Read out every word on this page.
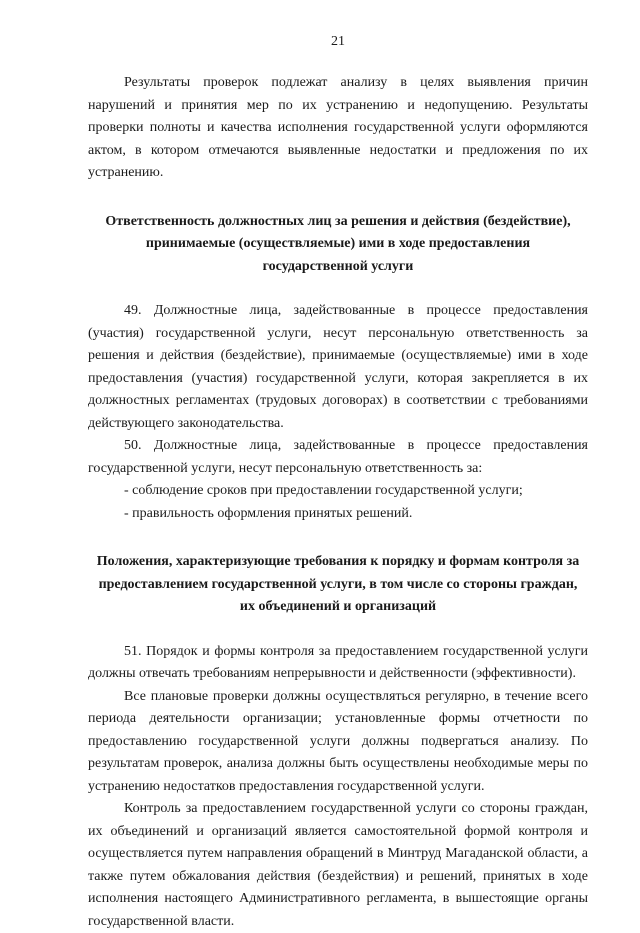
21

Результаты проверок подлежат анализу в целях выявления причин нарушений и принятия мер по их устранению и недопущению. Результаты проверки полноты и качества исполнения государственной услуги оформляются актом, в котором отмечаются выявленные недостатки и предложения по их устранению.

Ответственность должностных лиц за решения и действия (бездействие), принимаемые (осуществляемые) ими в ходе предоставления государственной услуги

49. Должностные лица, задействованные в процессе предоставления (участия) государственной услуги, несут персональную ответственность за решения и действия (бездействие), принимаемые (осуществляемые) ими в ходе предоставления (участия) государственной услуги, которая закрепляется в их должностных регламентах (трудовых договорах) в соответствии с требованиями действующего законодательства.

50. Должностные лица, задействованные в процессе предоставления государственной услуги, несут персональную ответственность за:

- соблюдение сроков при предоставлении государственной услуги;

- правильность оформления принятых решений.

Положения, характеризующие требования к порядку и формам контроля за предоставлением государственной услуги, в том числе со стороны граждан, их объединений и организаций

51. Порядок и формы контроля за предоставлением государственной услуги должны отвечать требованиям непрерывности и действенности (эффективности).

Все плановые проверки должны осуществляться регулярно, в течение всего периода деятельности организации; установленные формы отчетности по предоставлению государственной услуги должны подвергаться анализу. По результатам проверок, анализа должны быть осуществлены необходимые меры по устранению недостатков предоставления государственной услуги.

Контроль за предоставлением государственной услуги со стороны граждан, их объединений и организаций является самостоятельной формой контроля и осуществляется путем направления обращений в Минтруд Магаданской области, а также путем обжалования действия (бездействия) и решений, принятых в ходе исполнения настоящего Административного регламента, в вышестоящие органы государственной власти.
